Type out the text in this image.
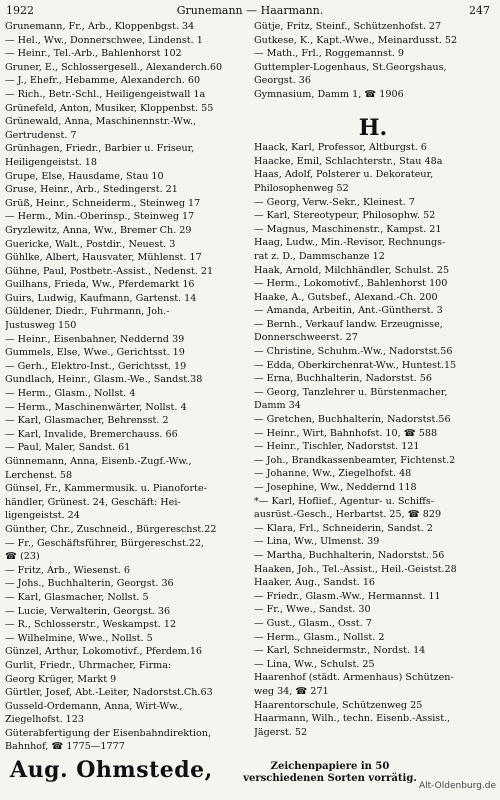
1922	Grunemann — Haarmann.	247
Grunemann, Fr., Arb., Kloppenbgst. 34
— Hel., Ww., Donnerschwee, Lindenst. 1
— Heinr., Tel.-Arb., Bahlenhorst 102
Gruner, E., Schlossergesell., Alexanderch.60
— J., Ehefr., Hebamme, Alexanderch. 60
— Rich., Betr.-Schl., Heiligengeistwall 1a
Grünefeld, Anton, Musiker, Kloppenbst. 55
Grünewald, Anna, Maschinennstr.-Ww.,
Gertrudenst. 7
Grünhagen, Friedr., Barbier u. Friseur,
Heiligengeistst. 18
Grupe, Else, Hausdame, Stau 10
Gruse, Heinr., Arb., Stedingerst. 21
Grüß, Heinr., Schneiderm., Steinweg 17
— Herm., Min.-Oberinsp., Steinweg 17
Gryzlewitz, Anna, Ww., Bremer Ch. 29
Guericke, Walt., Postdir., Neuest. 3
Gühlke, Albert, Hausvater, Mühlenst. 17
Gühne, Paul, Postbetr.-Assist., Nedenst. 21
Guilhans, Frieda, Ww., Pferdemarkt 16
Guirs, Ludwig, Kaufmann, Gartenst. 14
Güldener, Diedr., Fuhrmann, Joh.-
Justusweg 150
— Heinr., Eisenbahner, Neddernd 39
Gummels, Else, Wwe., Gerichtsst. 19
— Gerh., Elektro-Inst., Gerichtsst. 19
Gundlach, Heinr., Glasm.-We., Sandst.38
— Herm., Glasm., Nollst. 4
— Herm., Maschinenwärter, Nollst. 4
— Karl, Glasmacher, Behrensst. 2
— Karl, Invalide, Bremerchauss. 66
— Paul, Maler, Sandst. 61
Günnemann, Anna, Eisenb.-Zugf.-Ww.,
Lerchenst. 58
Günsel, Fr., Kammermusik. u. Pianoforte-
händler, Grünest. 24, Geschäft: Hei-
ligengeistst. 24
Günther, Chr., Zuschneid., Bürgereschst.22
— Fr., Geschäftsführer, Bürgereschst.22,
☎ (23)
— Fritz, Arb., Wiesenst. 6
— Johs., Buchhalterin, Georgst. 36
— Karl, Glasmacher, Nollst. 5
— Lucie, Verwalterin, Georgst. 36
— R., Schlosserstr., Weskampst. 12
— Wilhelmine, Wwe., Nollst. 5
Günzel, Arthur, Lokomotivf., Pferdem.16
Gurlit, Friedr., Uhrmacher, Firma:
Georg Krüger, Markt 9
Gürtler, Josef, Abt.-Leiter, Nadorstst.Ch.63
Gusseld-Ordemann, Anna, Wirt-Ww.,
Ziegelhofst. 123
Güterabfertigung der Eisenbahndirektion,
Bahnhof, ☎ 1775—1777
Gütje, Fritz, Steinf., Schützenhofst. 27
Gutkese, K., Kapt.-Wwe., Meinardusst. 52
— Math., Frl., Roggemannst. 9
Guttempler-Logenhaus, St.Georgshaus,
Georgst. 36
Gymnasium, Damm 1, ☎ 1906
H.
Haack, Karl, Professor, Altburgst. 6
Haacke, Emil, Schlachterstr., Stau 48a
Haas, Adolf, Polsterer u. Dekorateur,
Philosophenweg 52
— Georg, Verw.-Sekr., Kleinest. 7
— Karl, Stereotypeur, Philosophw. 52
— Magnus, Maschinenstr., Kampst. 21
Haag, Ludw., Min.-Revisor, Rechnungs-
rat z. D., Dammschanze 12
Haak, Arnold, Milchhändler, Schulst. 25
— Herm., Lokomotivf., Bahlenhorst 100
Haake, A., Gutsbef., Alexand.-Ch. 200
— Amanda, Arbeitin, Ant.-Güntherst. 3
— Bernh., Verkauf landw. Erzeugnisse,
Donnerschweerst. 27
— Christine, Schuhm.-Ww., Nadorstst.56
— Edda, Oberkirchenrat-Ww., Huntest.15
— Erna, Buchhalterin, Nadorstst. 56
— Georg, Tanzlehrer u. Bürstenmacher,
Damm 34
— Gretchen, Buchhalterin, Nadorstst.56
— Heinr., Wirt, Bahnhofst. 10, ☎ 588
— Heinr., Tischler, Nadorstst. 121
— Joh., Brandkassenbeamter, Fichtenst.2
— Johanne, Ww., Ziegelhofst. 48
— Josephine, Ww., Neddernd 118
*— Karl, Hoflief., Agentur- u. Schiffs-
ausrüst.-Gesch., Herbartst. 25, ☎ 829
— Klara, Frl., Schneiderin, Sandst. 2
— Lina, Ww., Ulmenst. 39
— Martha, Buchhalterin, Nadorstst. 56
Haaken, Joh., Tel.-Assist., Heil.-Geistst.28
Haaker, Aug., Sandst. 16
— Friedr., Glasm.-Ww., Hermannst. 11
— Fr., Wwe., Sandst. 30
— Gust., Glasm., Osst. 7
— Herm., Glasm., Nollst. 2
— Karl, Schneidermstr., Nordst. 14
— Lina, Ww., Schulst. 25
Haarenhof (städt. Armenhaus) Schützen-
weg 34, ☎ 271
Haarentorschule, Schützenweg 25
Haarmann, Wilh., techn. Eisenb.-Assist.,
Jägerst. 52
Aug. Ohmstede,	Zeichenpapiere in 50 verschiedenen Sorten vorrätig.
Alt-Oldenburg.de
